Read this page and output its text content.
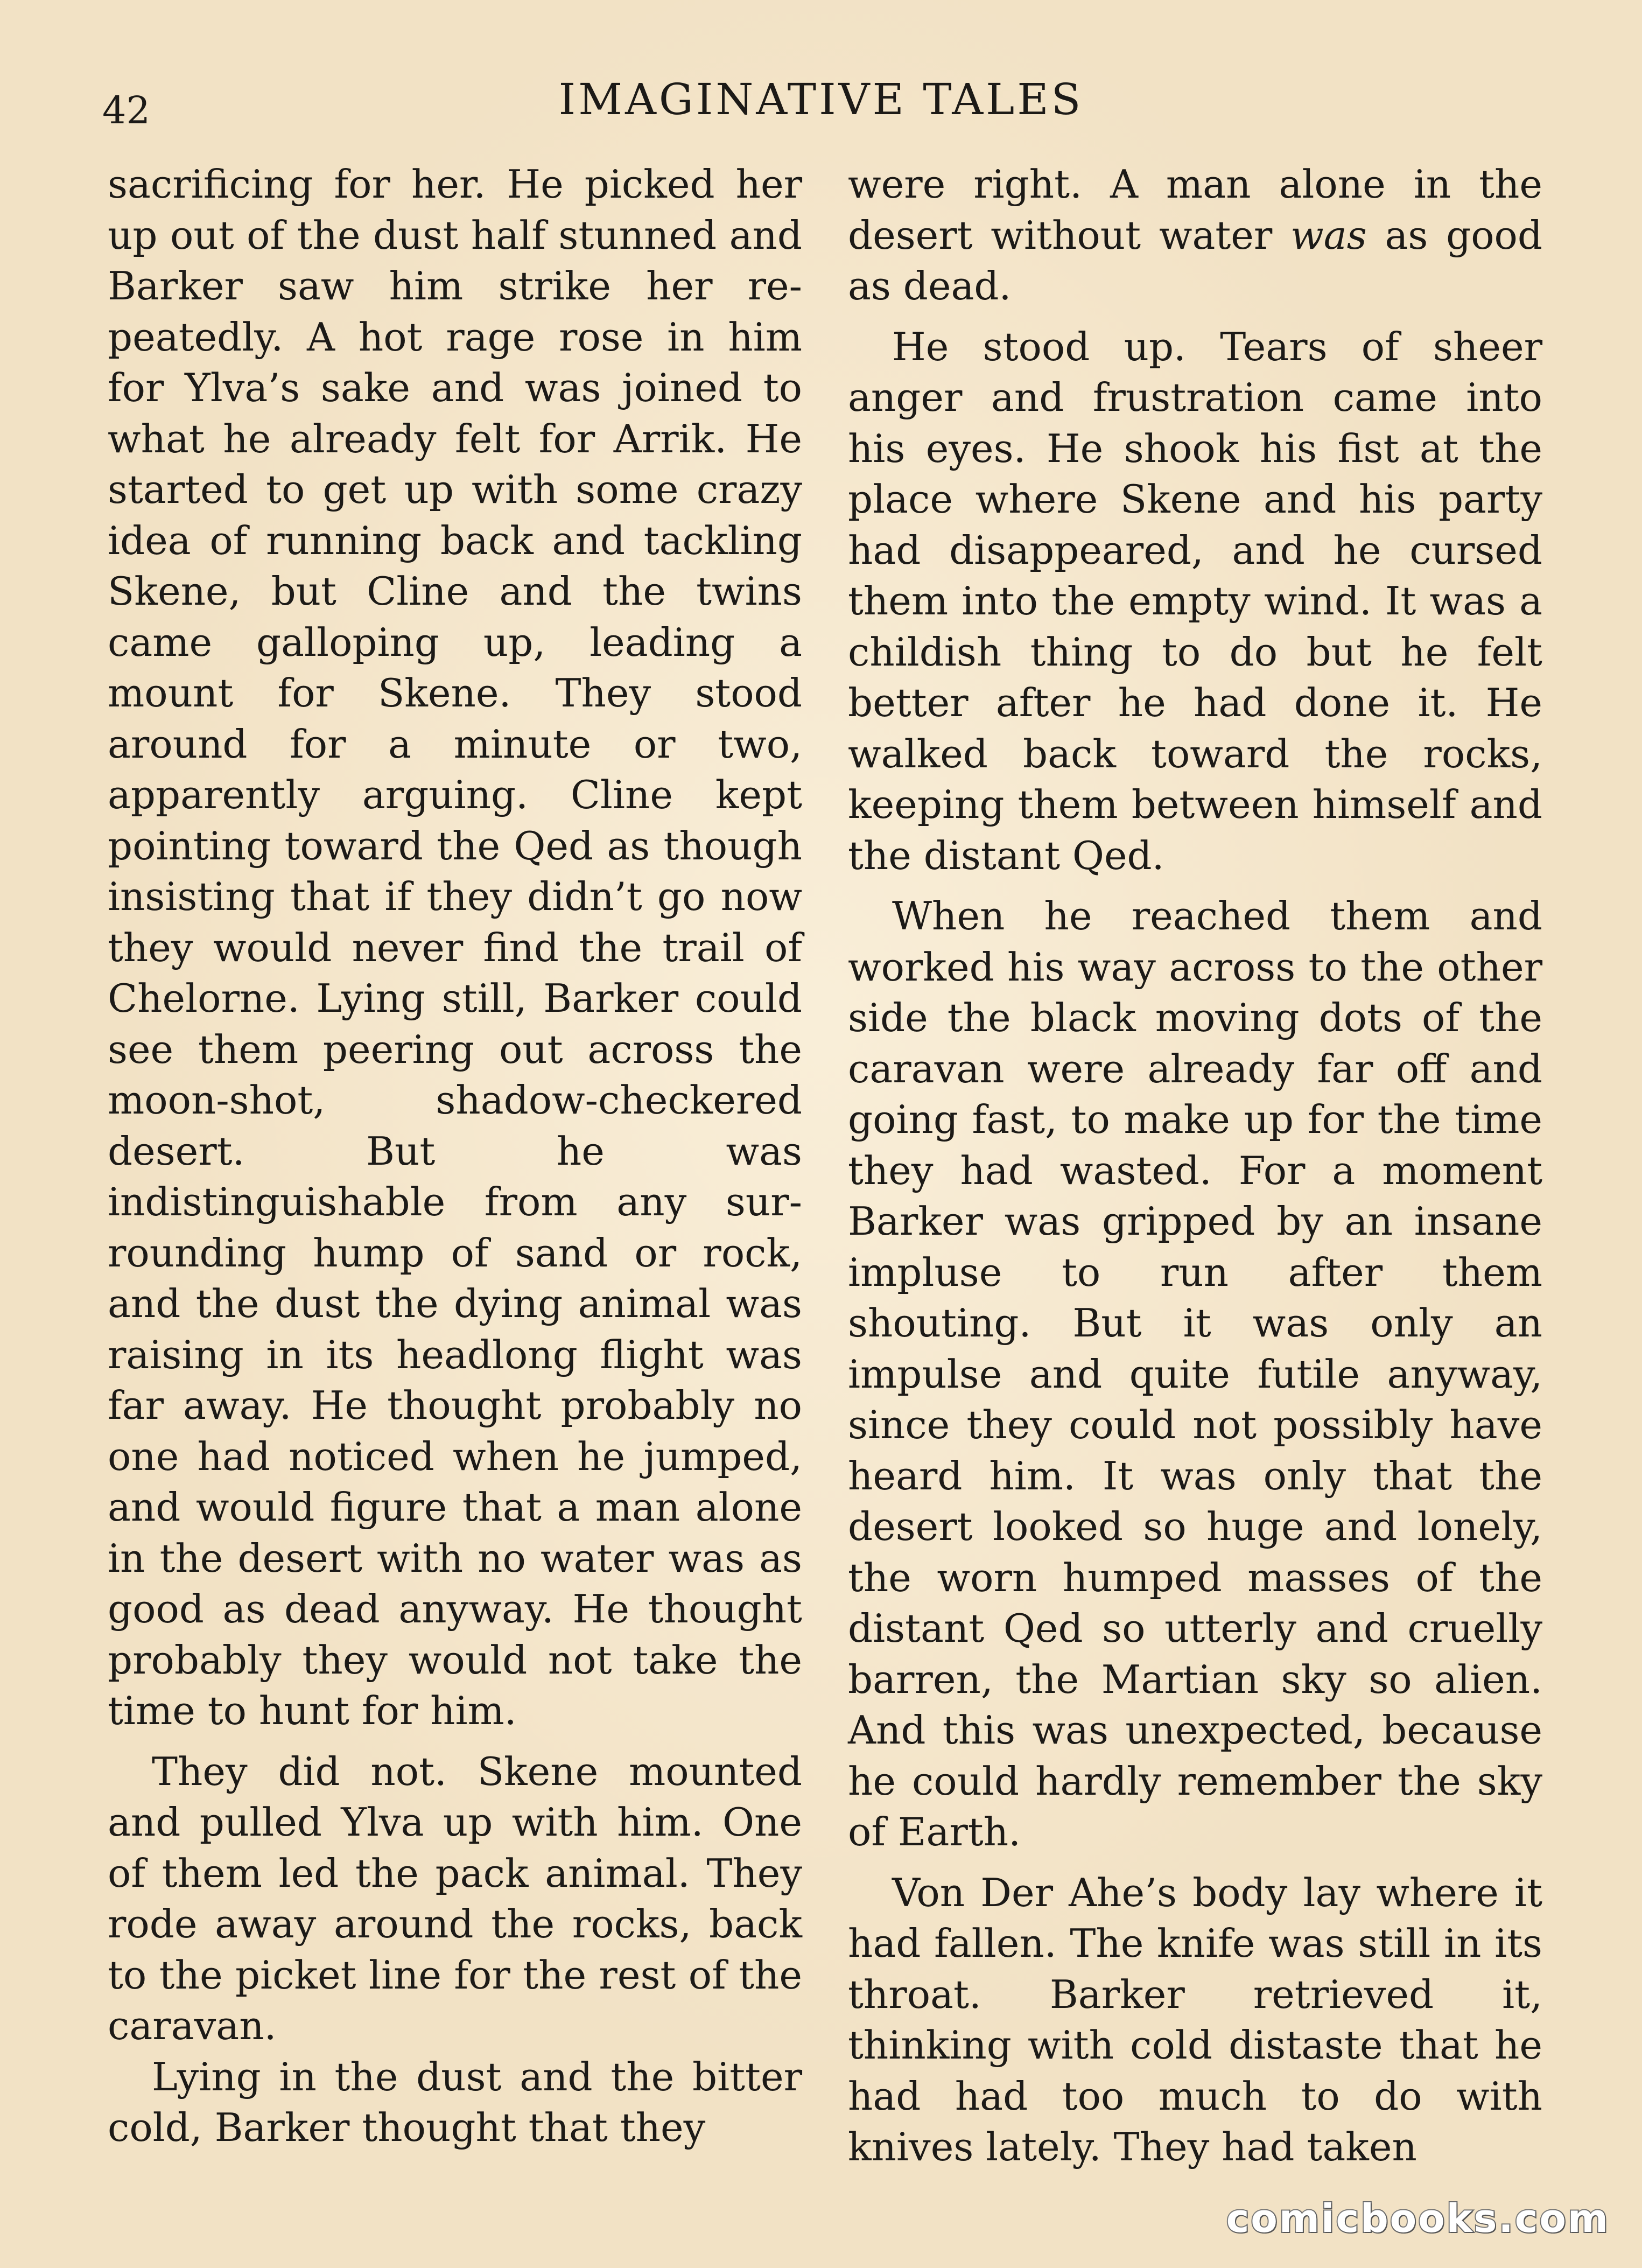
42	IMAGINATIVE TALES

sacrificing for her. He picked her up out of the dust half stunned and Barker saw him strike her repeatedly. A hot rage rose in him for Ylva’s sake and was joined to what he already felt for Arrik. He started to get up with some crazy idea of running back and tackling Skene, but Cline and the twins came galloping up, leading a mount for Skene. They stood around for a minute or two, apparently arguing. Cline kept pointing toward the Qed as though insisting that if they didn’t go now they would never find the trail of Chelorne. Lying still, Barker could see them peering out across the moon-shot, shadow-checkered desert. But he was indistinguishable from any surrounding hump of sand or rock, and the dust the dying animal was raising in its headlong flight was far away. He thought probably no one had noticed when he jumped, and would figure that a man alone in the desert with no water was as good as dead anyway. He thought probably they would not take the time to hunt for him.

They did not. Skene mounted and pulled Ylva up with him. One of them led the pack animal. They rode away around the rocks, back to the picket line for the rest of the caravan.

Lying in the dust and the bitter cold, Barker thought that they

were right. A man alone in the desert without water was as good as dead.

He stood up. Tears of sheer anger and frustration came into his eyes. He shook his fist at the place where Skene and his party had disappeared, and he cursed them into the empty wind. It was a childish thing to do but he felt better after he had done it. He walked back toward the rocks, keeping them between himself and the distant Qed.

When he reached them and worked his way across to the other side the black moving dots of the caravan were already far off and going fast, to make up for the time they had wasted. For a moment Barker was gripped by an insane impluse to run after them shouting. But it was only an impulse and quite futile anyway, since they could not possibly have heard him. It was only that the desert looked so huge and lonely, the worn humped masses of the distant Qed so utterly and cruelly barren, the Martian sky so alien. And this was unexpected, because he could hardly remember the sky of Earth.

Von Der Ahe’s body lay where it had fallen. The knife was still in its throat. Barker retrieved it, thinking with cold distaste that he had had too much to do with knives lately. They had taken

comicbooks.com
